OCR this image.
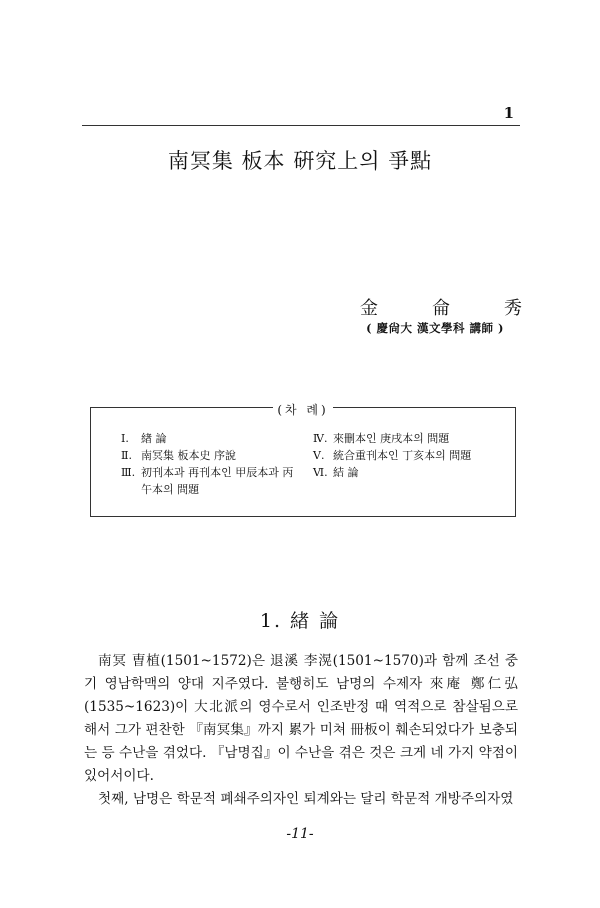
1
南冥集 板本 硏究上의 爭點
金	侖	秀
( 慶尙大 漢文學科 講師 )
(차 례)
Ⅰ.	緖 論
Ⅱ. 南冥集 板本史 序說
Ⅲ. 初刊本과 再刊本인 甲辰本과 丙午本의 問題
Ⅳ. 來刪本인 庚戌本의 問題
Ⅴ. 統合重刊本인 丁亥本의 問題
Ⅵ. 結 論
1. 緖 論

南冥 曺植(1501~1572)은 退溪 李滉(1501~1570)과 함께 조선 중기 영남학맥의 양대 지주였다. 불행히도 남명의 수제자 來庵 鄭仁弘(1535~1623)이 大北派의 영수로서 인조반정 때 역적으로 참살됨으로 해서 그가 편찬한 『南冥集』까지 累가 미쳐 冊板이 훼손되었다가 보충되는 등 수난을 겪었다. 『남명집』이 수난을 겪은 것은 크게 네 가지 약점이 있어서이다.

첫째, 남명은 학문적 폐쇄주의자인 퇴계와는 달리 학문적 개방주의자였

-11-
